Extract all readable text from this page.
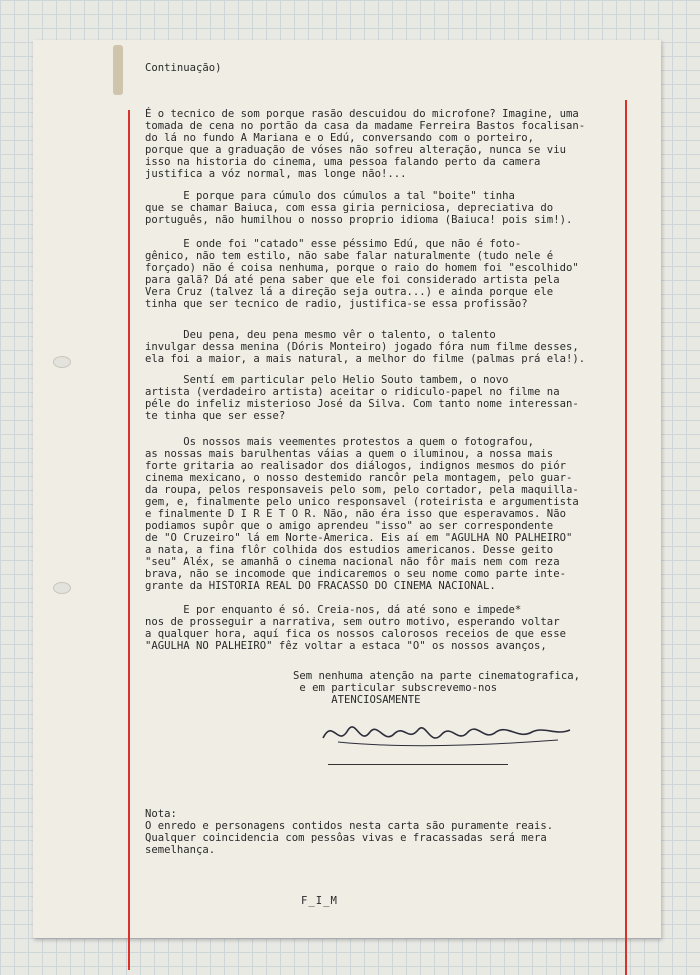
Continuação)

É o tecnico de som porque rasão descuidou do microfone? Imagine, uma
tomada de cena no portão da casa da madame Ferreira Bastos focalisan-
do lá no fundo A Mariana e o Edú, conversando com o porteiro,
porque que a graduação de vóses não sofreu alteração, nunca se viu
isso na historia do cinema, uma pessoa falando perto da camera
justifica a vóz normal, mas longe não!...

E porque para cúmulo dos cúmulos a tal "boite" tinha
que se chamar Baiuca, com essa giria perniciosa, depreciativa do
português, não humilhou o nosso proprio idioma (Baiuca! pois sim!).

E onde foi "catado" esse péssimo Edú, que não é foto-
gênico, não tem estilo, não sabe falar naturalmente (tudo nele é
forçado) não é coisa nenhuma, porque o raio do homem foi "escolhido"
para galã? Dá até pena saber que ele foi considerado artista pela
Vera Cruz (talvez lá a direção seja outra...) e ainda porque ele
tinha que ser tecnico de radio, justifica-se essa profissão?

Deu pena, deu pena mesmo vêr o talento, o talento
invulgar dessa menina (Dóris Monteiro) jogado fóra num filme desses,
ela foi a maior, a mais natural, a melhor do filme (palmas prá ela!).

Sentí em particular pelo Helio Souto tambem, o novo
artista (verdadeiro artista) aceitar o ridiculo-papel no filme na
péle do infeliz misterioso José da Silva. Com tanto nome interessan-
te tinha que ser esse?

Os nossos mais veementes protestos a quem o fotografou,
as nossas mais barulhentas váias a quem o iluminou, a nossa mais
forte gritaria ao realisador dos diálogos, indignos mesmos do piór
cinema mexicano, o nosso destemido rancôr pela montagem, pelo guar-
da roupa, pelos responsaveis pelo som, pelo cortador, pela maquilla-
gem, e, finalmente pelo unico responsavel (roteirista e argumentista
e finalmente D I R E T O R. Não, não éra isso que esperavamos. Não
podiamos supôr que o amigo aprendeu "isso" ao ser correspondente
de "O Cruzeiro" lá em Norte-America. Eis aí em "AGULHA NO PALHEIRO"
a nata, a fina flôr colhida dos estudios americanos. Desse geito
"seu" Aléx, se amanhã o cinema nacional não fôr mais nem com reza
brava, não se incomode que indicaremos o seu nome como parte inte-
grante da HISTORIA REAL DO FRACASSO DO CINEMA NACIONAL.

E por enquanto é só. Creia-nos, dá até sono e impede*
nos de prosseguir a narrativa, sem outro motivo, esperando voltar
a qualquer hora, aquí fica os nossos calorosos receios de que esse
"AGULHA NO PALHEIRO" fêz voltar a estaca "O" os nossos avanços,

Sem nenhuma atenção na parte cinematografica,
e em particular subscrevemo-nos
ATENCIOSAMENTE

Nota:
O enredo e personagens contidos nesta carta são puramente reais.
Qualquer coincidencia com pessôas vivas e fracassadas será mera
semelhança.

F_I_M
